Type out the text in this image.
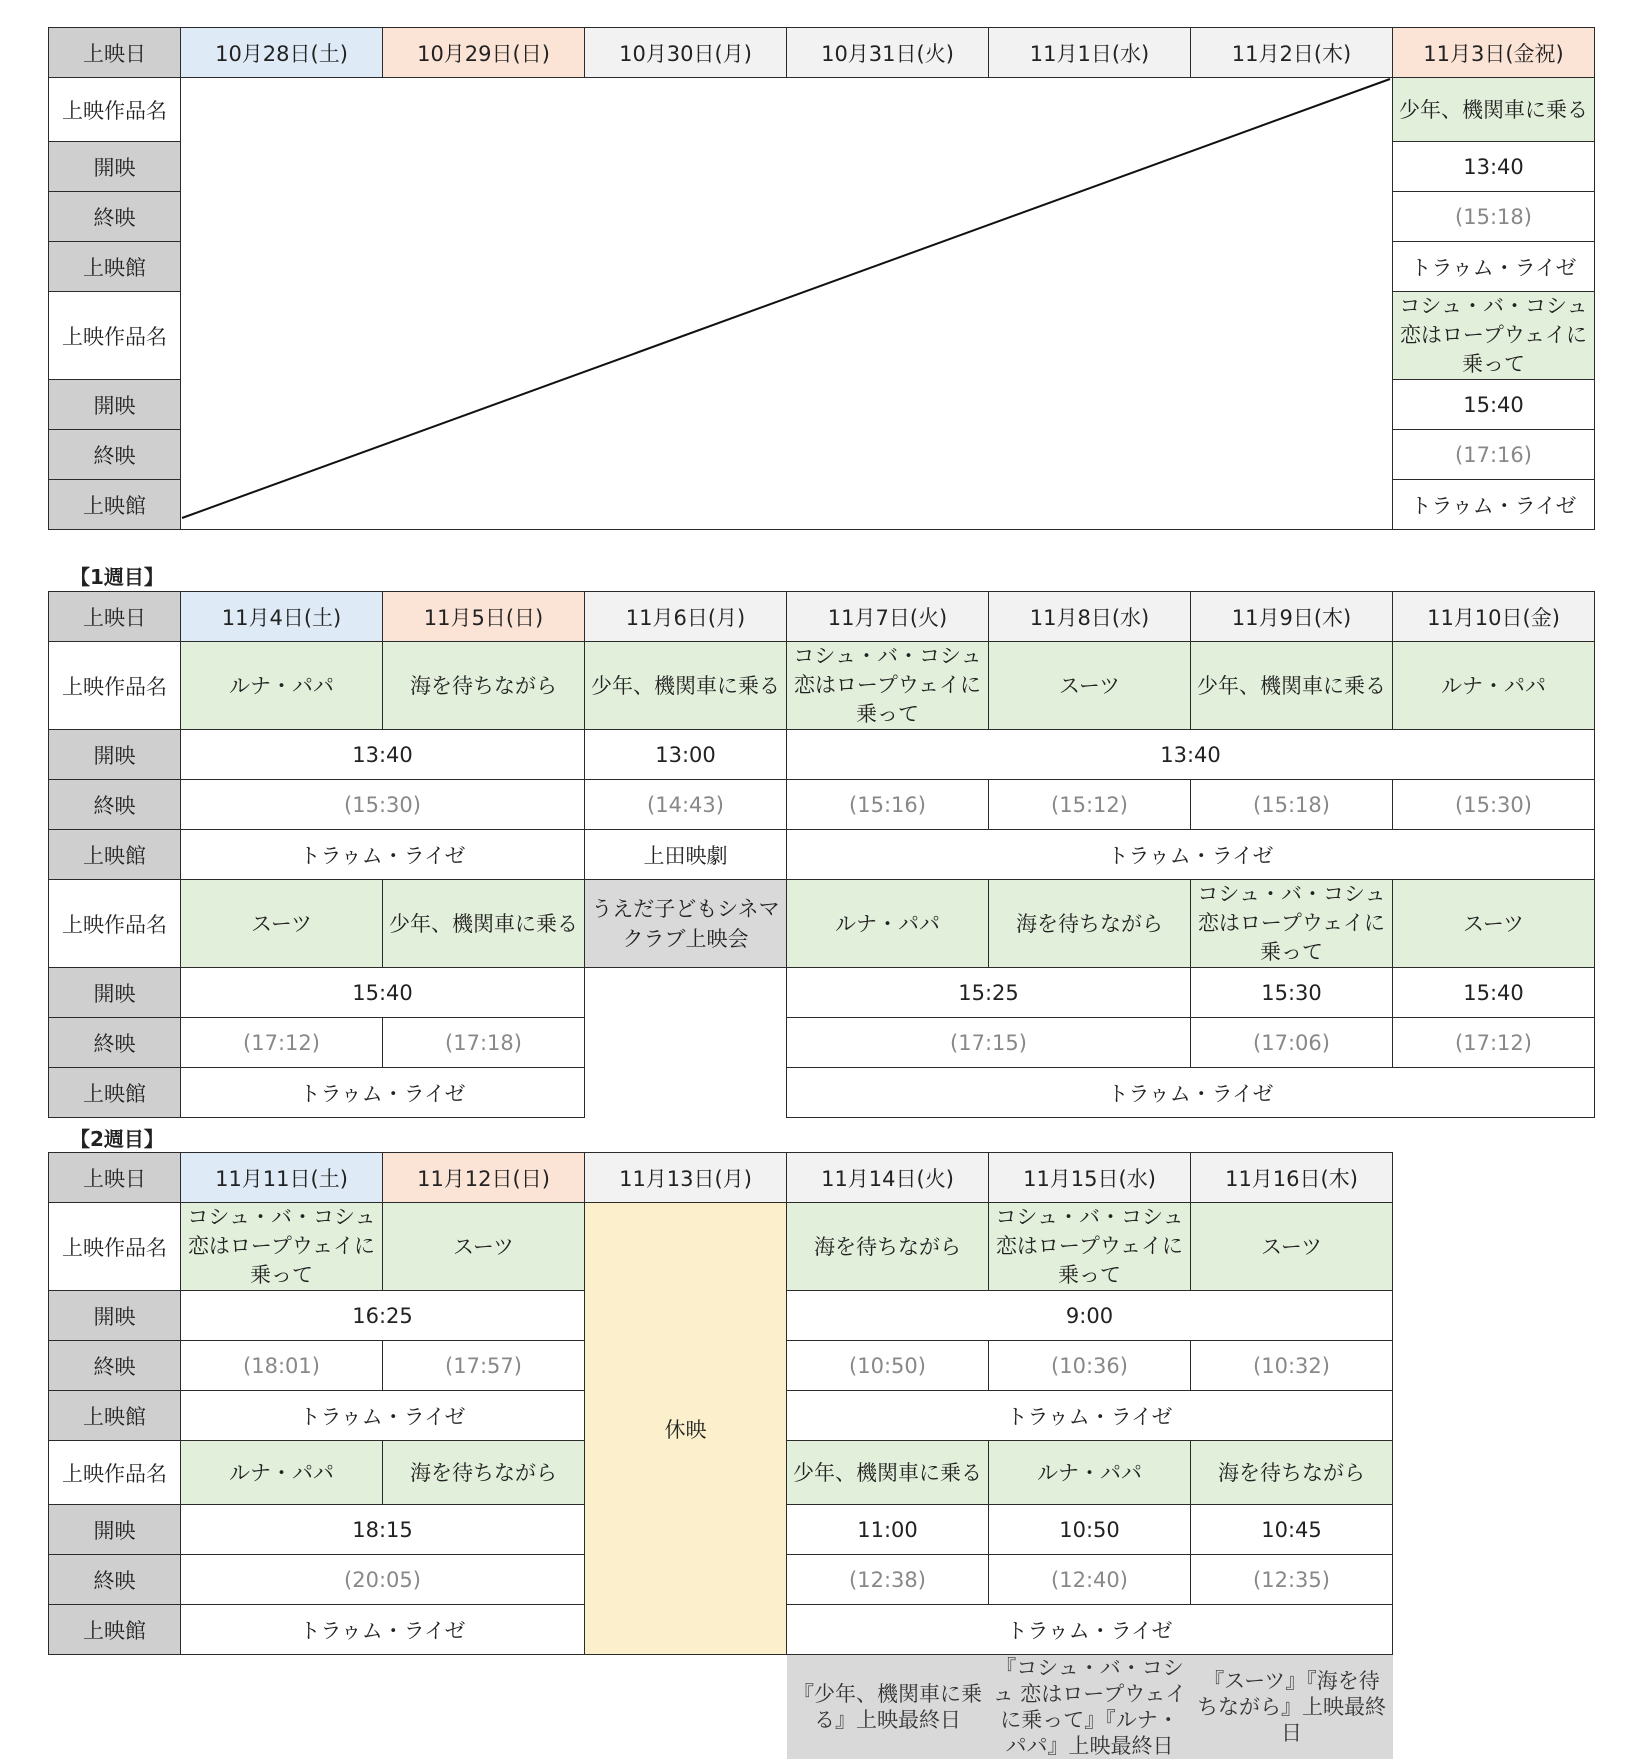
上映日	10月28日(土)	10月29日(日)	10月30日(月)	10月31日(火)	11月1日(水)	11月2日(木)	11月3日(金祝)
上映作品名							少年、機関車に乗る
開映							13:40
終映							(15:18)
上映館							トラゥム・ライゼ
上映作品名							コシュ・バ・コシュ 恋はロープウェイに乗って
開映							15:40
終映							(17:16)
上映館							トラゥム・ライゼ
【1週目】
上映日	11月4日(土)	11月5日(日)	11月6日(月)	11月7日(火)	11月8日(水)	11月9日(木)	11月10日(金)
上映作品名	ルナ・パパ	海を待ちながら	少年、機関車に乗る	コシュ・バ・コシュ 恋はロープウェイに乗って	スーツ	少年、機関車に乗る	ルナ・パパ
開映	13:40		13:00	13:40			
終映	(15:30)		(14:43)	(15:16)	(15:12)	(15:18)	(15:30)
上映館	トラゥム・ライゼ		上田映劇	トラゥム・ライゼ			
上映作品名	スーツ	少年、機関車に乗る	うえだ子どもシネマクラブ上映会	ルナ・パパ	海を待ちながら	コシュ・バ・コシュ 恋はロープウェイに乗って	スーツ
開映	15:40			15:25		15:30	15:40
終映	(17:12)	(17:18)		(17:15)		(17:06)	(17:12)
上映館	トラゥム・ライゼ			トラゥム・ライゼ			
【2週目】
上映日	11月11日(土)	11月12日(日)	11月13日(月)	11月14日(火)	11月15日(水)	11月16日(木)
上映作品名	コシュ・バ・コシュ 恋はロープウェイに乗って	スーツ	休映	海を待ちながら	コシュ・バ・コシュ 恋はロープウェイに乗って	スーツ
開映	16:25			9:00		
終映	(18:01)	(17:57)		(10:50)	(10:36)	(10:32)
上映館	トラゥム・ライゼ			トラゥム・ライゼ		
上映作品名	ルナ・パパ	海を待ちながら		少年、機関車に乗る	ルナ・パパ	海を待ちながら
開映	18:15			11:00	10:50	10:45
終映	(20:05)			(12:38)	(12:40)	(12:35)
上映館	トラゥム・ライゼ			トラゥム・ライゼ		
				『少年、機関車に乗る』上映最終日	『コシュ・バ・コシュ 恋はロープウェイに乗って』『ルナ・パパ』上映最終日	『スーツ』『海を待ちながら』上映最終日
